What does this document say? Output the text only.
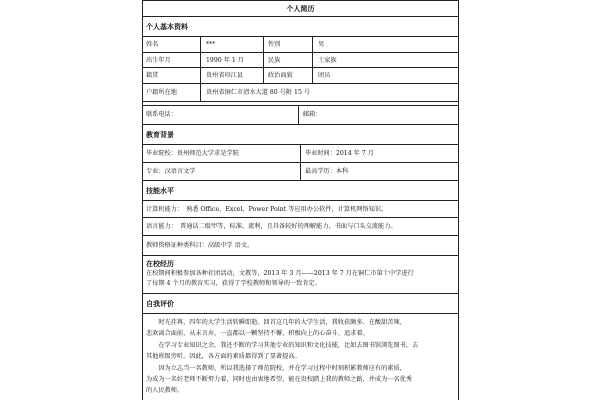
个人简历
个人基本资料
姓名	***	性别	男
出生年月	1990 年 1 月	民族	土家族
籍贯	贵州省印江县	政治面貌	团员
户籍所在地	贵州省铜仁市清水大道 80 号附 15 号
联系电话：	邮箱：
教育背景
毕业院校：贵州师范大学求是学院	毕业时间：2014 年 7 月
专业：汉语言文学	最高学历：本科
技能水平
计算机能力：　熟悉 Office、Excel、Power Point 等应用办公软件，计算机网络知识。
语言能力：　普通话二级甲等，标准、流利，且具备较好的理解能力、书面与口头交流能力。
教师资格证种类科目：高级中学 语文。
在校经历
在校期间积极参加各种社团活动，文教等，2013 年 3 月——2013 年 7 月在铜仁市第十中学进行
了每期 4 个月的教育实习，获得了学校教师和领导的一致肯定。
自我评价
　　时光荏苒，四年的大学生活转瞬即逝。回首这几年的大学生活，我收获颇多。在酸甜苦辣、
悲欢离合面前，从未言弃，一直都以一颗坚持不懈、积极向上的心奋斗、追求着。
　　在学习专业知识之余，我还不断的学习其他专业的知识和文化技能，比如去图书馆浏览图书，去
其他班级旁听。因此，各方面的素质都得到了显著提高。
　　因为立志当一名教师，所以我选择了师范院校，并在学习过程中时刻积累教师应有的素质，
为成为一名好老师不断努力着，同时也由衷地希望，能在贵校踏上我的教师之路，并成为一名优秀
的人民教师。
